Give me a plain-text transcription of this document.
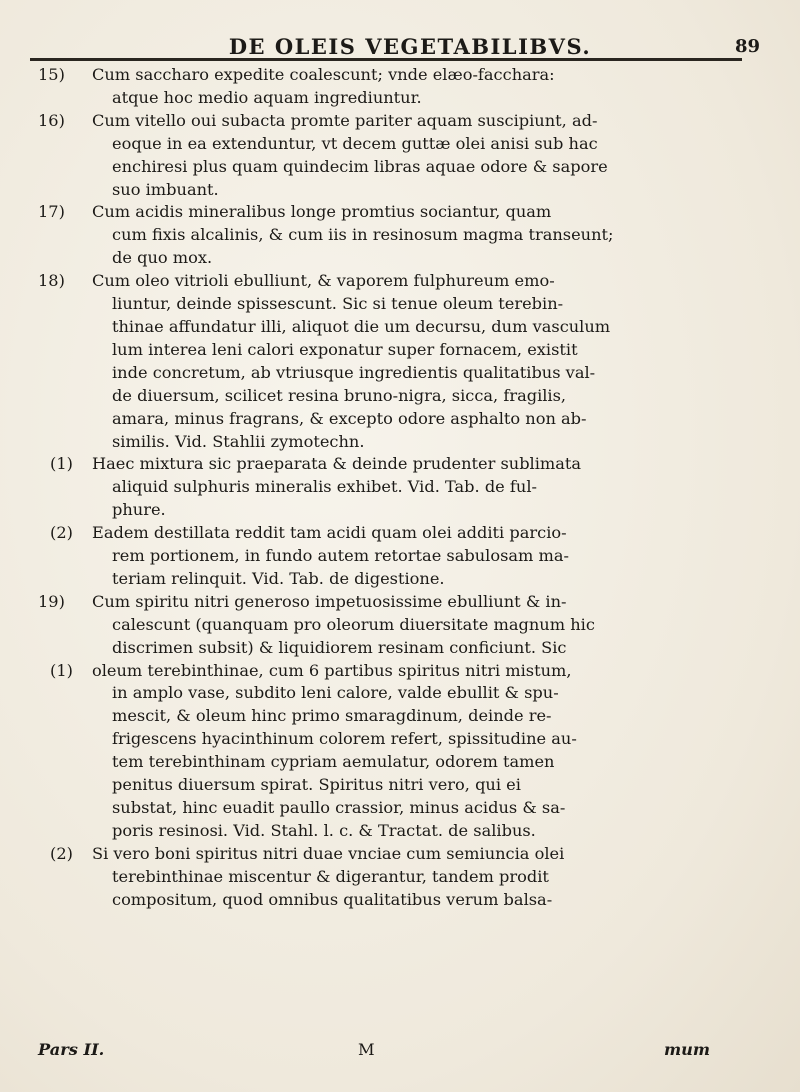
DE OLEIS VEGETABILIBVS.	89
15)	Cum saccharo expedite coalescunt; vnde elæo-facchara:
atque hoc medio aquam ingrediuntur.
16)	Cum vitello oui subacta promte pariter aquam suscipiunt, ad-
eoque in ea extenduntur, vt decem guttæ olei anisi sub hac
enchiresi plus quam quindecim libras aquae odore & sapore
suo imbuant.
17)	Cum acidis mineralibus longe promtius sociantur, quam
cum fixis alcalinis, & cum iis in resinosum magma transeunt;
de quo mox.
18)	Cum oleo vitrioli ebulliunt, & vaporem fulphureum emo-
liuntur, deinde spissescunt. Sic si tenue oleum terebin-
thinae affundatur illi, aliquot die um decursu, dum vasculum
lum interea leni calori exponatur super fornacem, existit
inde concretum, ab vtriusque ingredientis qualitatibus val-
de diuersum, scilicet resina bruno-nigra, sicca, fragilis,
amara, minus fragrans, & excepto odore asphalto non ab-
similis. Vid. Stahlii zymotechn.
(1)	Haec mixtura sic praeparata & deinde prudenter sublimata
aliquid sulphuris mineralis exhibet. Vid. Tab. de ful-
phure.
(2)	Eadem destillata reddit tam acidi quam olei additi parcio-
rem portionem, in fundo autem retortae sabulosam ma-
teriam relinquit. Vid. Tab. de digestione.
19)	Cum spiritu nitri generoso impetuosissime ebulliunt & in-
calescunt (quanquam pro oleorum diuersitate magnum hic
discrimen subsit) & liquidiorem resinam conficiunt. Sic
(1)	oleum terebinthinae, cum 6 partibus spiritus nitri mistum,
in amplo vase, subdito leni calore, valde ebullit & spu-
mescit, & oleum hinc primo smaragdinum, deinde re-
frigescens hyacinthinum colorem refert, spissitudine au-
tem terebinthinam cypriam aemulatur, odorem tamen
penitus diuersum spirat. Spiritus nitri vero, qui ei
substat, hinc euadit paullo crassior, minus acidus & sa-
poris resinosi. Vid. Stahl. l. c. & Tractat. de salibus.
(2)	Si vero boni spiritus nitri duae vnciae cum semiuncia olei
terebinthinae miscentur & digerantur, tandem prodit
compositum, quod omnibus qualitatibus verum balsa-
Pars II.	M	mum
